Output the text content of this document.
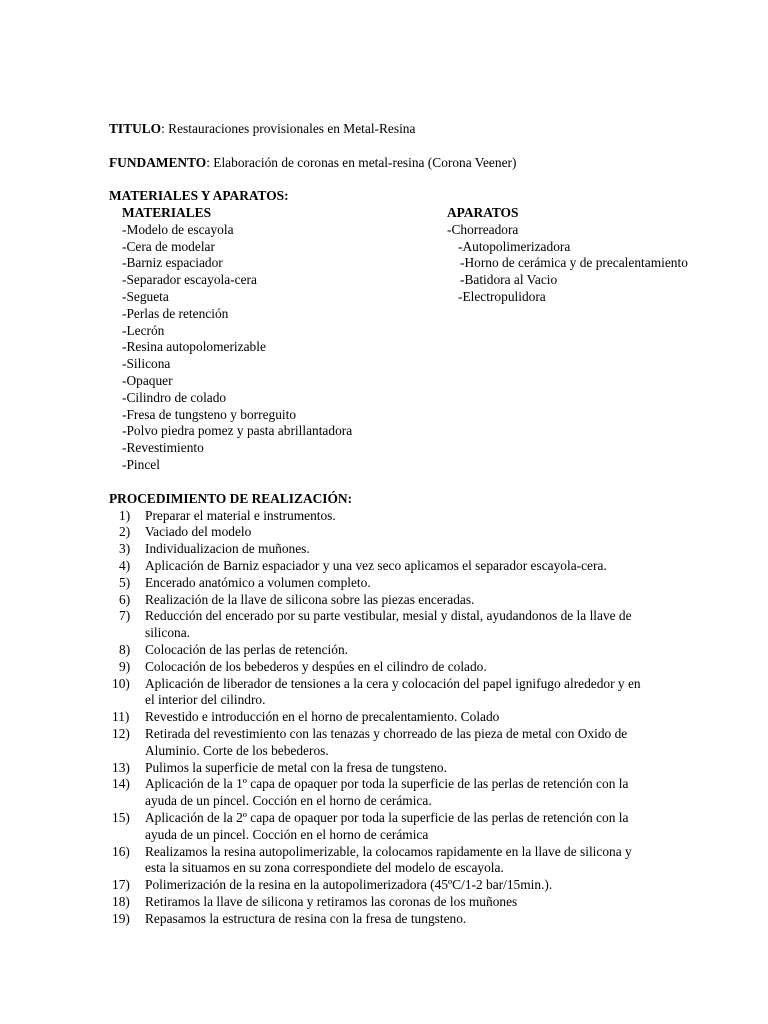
TITULO: Restauraciones provisionales en Metal-Resina
FUNDAMENTO: Elaboración de coronas en metal-resina (Corona Veener)
MATERIALES Y APARATOS:
MATERIALES
-Modelo de escayola
-Cera de modelar
-Barniz espaciador
-Separador escayola-cera
-Segueta
-Perlas de retención
-Lecrón
-Resina autopolomerizable
-Silicona
-Opaquer
-Cilindro de colado
-Fresa de tungsteno y borreguito
-Polvo piedra pomez y pasta abrillantadora
-Revestimiento
-Pincel
APARATOS
-Chorreadora
-Autopolimerizadora
-Horno de cerámica y de precalentamiento
-Batidora al Vacio
-Electropulidora
PROCEDIMIENTO DE REALIZACIÓN:
1) Preparar el material e instrumentos.
2) Vaciado del modelo
3) Individualizacion de muñones.
4) Aplicación de Barniz espaciador y una vez seco aplicamos el separador escayola-cera.
5) Encerado anatómico a volumen completo.
6) Realización de la llave de silicona sobre las piezas enceradas.
7) Reducción del encerado por su parte vestibular, mesial y distal, ayudandonos de la llave de
silicona.
8) Colocación de las perlas de retención.
9) Colocación de los bebederos y despúes en el cilindro de colado.
10) Aplicación de liberador de tensiones a la cera y colocación del papel ignifugo alrededor y en
el interior del cilindro.
11) Revestido e introducción en el horno de precalentamiento. Colado
12) Retirada del revestimiento con las tenazas y chorreado de las pieza de metal con Oxido de
Aluminio. Corte de los bebederos.
13) Pulimos la superficie de metal con la fresa de tungsteno.
14) Aplicación de la 1º capa de opaquer por toda la superficie de las perlas de retención con la
ayuda de un pincel. Cocción en el horno de cerámica.
15) Aplicación de la 2º capa de opaquer por toda la superficie de las perlas de retención con la
ayuda de un pincel. Cocción en el horno de cerámica
16) Realizamos la resina autopolimerizable, la colocamos rapidamente en la llave de silicona y
esta la situamos en su zona correspondiete del modelo de escayola.
17) Polimerización de la resina en la autopolimerizadora (45ºC/1-2 bar/15min.).
18) Retiramos la llave de silicona y retiramos las coronas de los muñones
19) Repasamos la estructura de resina con la fresa de tungsteno.
